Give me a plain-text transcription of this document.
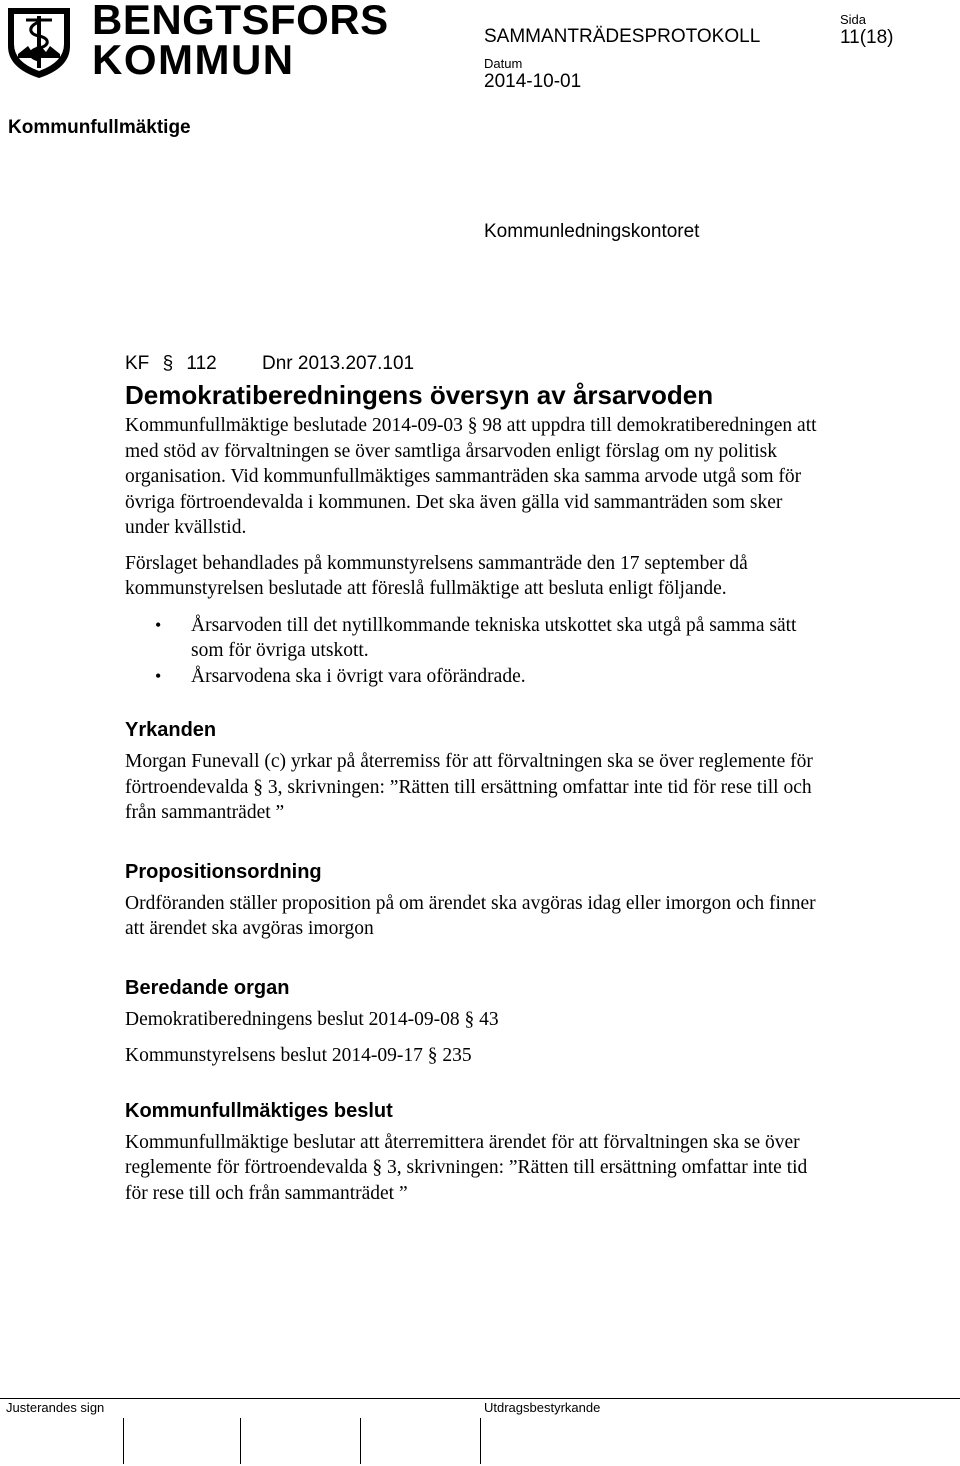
BENGTSFORS
KOMMUN	SAMMANTRÄDESPROTOKOLL
Sida
11(18)
Datum
2014-10-01
Kommunfullmäktige
Kommunledningskontoret
KF § 112 Dnr 2013.207.101
Demokratiberedningens översyn av årsarvoden

Kommunfullmäktige beslutade 2014-09-03 § 98 att uppdra till demokratiberedningen att med stöd av förvaltningen se över samtliga årsarvoden enligt förslag om ny politisk organisation. Vid kommunfullmäktiges sammanträden ska samma arvode utgå som för övriga förtroendevalda i kommunen. Det ska även gälla vid sammanträden som sker under kvällstid.

Förslaget behandlades på kommunstyrelsens sammanträde den 17 september då kommunstyrelsen beslutade att föreslå fullmäktige att besluta enligt följande.

• Årsarvoden till det nytillkommande tekniska utskottet ska utgå på samma sätt som för övriga utskott.
• Årsarvodena ska i övrigt vara oförändrade.
Yrkanden

Morgan Funevall (c) yrkar på återremiss för att förvaltningen ska se över reglemente för förtroendevalda § 3, skrivningen: ”Rätten till ersättning omfattar inte tid för rese till och från sammanträdet ”

Propositionsordning

Ordföranden ställer proposition på om ärendet ska avgöras idag eller imorgon och finner att ärendet ska avgöras imorgon

Beredande organ

Demokratiberedningens beslut 2014-09-08 § 43

Kommunstyrelsens beslut 2014-09-17 § 235

Kommunfullmäktiges beslut

Kommunfullmäktige beslutar att återremittera ärendet för att förvaltningen ska se över reglemente för förtroendevalda § 3, skrivningen: ”Rätten till ersättning omfattar inte tid för rese till och från sammanträdet ”

Justerandes sign	Utdragsbestyrkande
